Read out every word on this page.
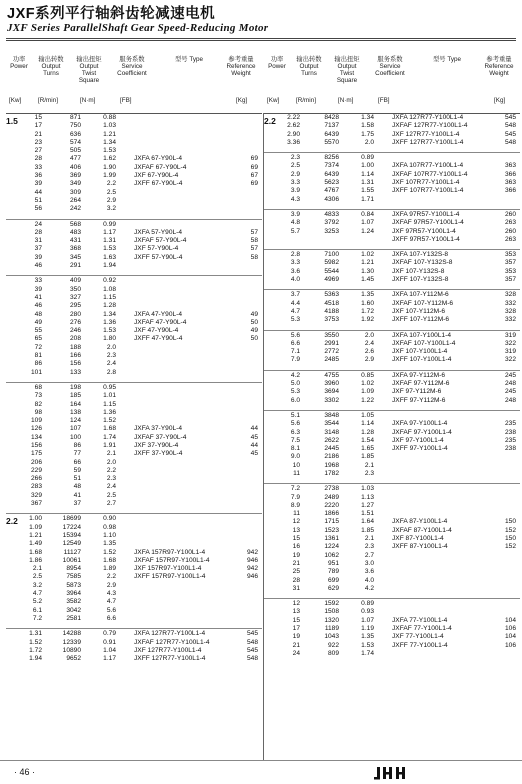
JXF系列平行轴斜齿轮减速电机
JXF Series ParallelShaft Gear Speed-Reducing Motor
功率 Power
输出转数 Output Turns
输出扭矩 Output Twist Square
服务系数 Service Coefficient
型号 Type	参考重量 Reference Weight
[Kw]	[R/min]	[N·m]	[FB]	[Kg]
功率 Power
输出转数 Output Turns
输出扭矩 Output Twist Square
服务系数 Service Coefficient
型号 Type	参考重量 Reference Weight
[Kw]	[R/min]	[N·m]	[FB]	[Kg]
1.5	15	871	0.88
17	750	1.03
21	636	1.21
23	574	1.34
27	505	1.53
28	477	1.62	JXFA 67-Y90L-4	69
33	406	1.90	JXFAF 67-Y90L-4	69
36	369	1.99	JXF 67-Y90L-4	67
39	349	2.2	JXFF 67-Y90L-4	69
44	309	2.5
51	264	2.9
56	242	3.2
24	568	0.99
28	483	1.17	JXFA 57-Y90L-4	57
31	431	1.31	JXFAF 57-Y90L-4	58
37	368	1.53	JXF 57-Y90L-4	57
39	345	1.63	JXFF 57-Y90L-4	58
46	291	1.94
33	409	0.92
39	350	1.08
41	327	1.15
46	295	1.28
48	280	1.34	JXFA 47-Y90L-4	49
49	276	1.36	JXFAF 47-Y90L-4	50
55	246	1.53	JXF 47-Y90L-4	49
65	208	1.80	JXFF 47-Y90L-4	50
72	188	2.0
81	166	2.3
86	156	2.4
101	133	2.8
68	198	0.95
73	185	1.01
82	164	1.15
98	138	1.36
109	124	1.52
126	107	1.68	JXFA 37-Y90L-4	44
134	100	1.74	JXFAF 37-Y90L-4	45
156	86	1.91	JXF 37-Y90L-4	44
175	77	2.1	JXFF 37-Y90L-4	45
206	66	2.0
229	59	2.2
266	51	2.3
283	48	2.4
329	41	2.5
367	37	2.7
2.2	1.00	18699	0.90
1.09	17224	0.98
1.21	15394	1.10
1.49	12549	1.35
1.68	11127	1.52	JXFA 157R97-Y100L1-4	942
1.86	10061	1.68	JXFAF 157R97-Y100L1-4	946
2.1	8954	1.89	JXF 157R97-Y100L1-4	942
2.5	7585	2.2	JXFF 157R97-Y100L1-4	946
3.2	5873	2.9
4.7	3964	4.3
5.2	3582	4.7
6.1	3042	5.6
7.2	2581	6.6
1.31	14288	0.79	JXFA 127R77-Y100L1-4	545
1.52	12339	0.91	JXFAF 127R77-Y100L1-4	548
1.72	10890	1.04	JXF 127R77-Y100L1-4	545
1.94	9652	1.17	JXFF 127R77-Y100L1-4	548
2.2	2.22	8428	1.34	JXFA 127R77-Y100L1-4	545
2.62	7137	1.58	JXFAF 127R77-Y100L1-4	548
2.90	6439	1.75	JXF 127R77-Y100L1-4	545
3.36	5570	2.0	JXFF 127R77-Y100L1-4	548
2.3	8256	0.89
2.5	7374	1.00	JXFA 107R77-Y100L1-4	363
2.9	6439	1.14	JXFAF 107R77-Y100L1-4	366
3.3	5623	1.31	JXF 107R77-Y100L1-4	363
3.9	4767	1.55	JXFF 107R77-Y100L1-4	366
4.3	4306	1.71
3.9	4833	0.84	JXFA 97R57-Y100L1-4	260
4.8	3792	1.07	JXFAF 97R57-Y100L1-4	263
5.7	3253	1.24	JXF 97R57-Y100L1-4	260
JXFF 97R57-Y100L1-4	263
2.8	7100	1.02	JXFA 107-Y132S-8	353
3.3	5982	1.21	JXFAF 107-Y132S-8	357
3.6	5544	1.30	JXF 107-Y132S-8	353
4.0	4969	1.45	JXFF 107-Y132S-8	357
3.7	5363	1.35	JXFA 107-Y112M-6	328
4.4	4518	1.60	JXFAF 107-Y112M-6	332
4.7	4188	1.72	JXF 107-Y112M-6	328
5.3	3753	1.92	JXFF 107-Y112M-6	332
5.6	3550	2.0	JXFA 107-Y100L1-4	319
6.6	2991	2.4	JXFAF 107-Y100L1-4	322
7.1	2772	2.6	JXF 107-Y100L1-4	319
7.9	2485	2.9	JXFF 107-Y100L1-4	322
4.2	4755	0.85	JXFA 97-Y112M-6	245
5.0	3960	1.02	JXFAF 97-Y112M-6	248
5.3	3694	1.09	JXF 97-Y112M-6	245
6.0	3302	1.22	JXFF 97-Y112M-6	248
5.1	3848	1.05
5.6	3544	1.14	JXFA 97-Y100L1-4	235
6.3	3148	1.28	JXFAF 97-Y100L1-4	238
7.5	2622	1.54	JXF 97-Y100L1-4	235
8.1	2445	1.65	JXFF 97-Y100L1-4	238
9.0	2186	1.85
10	1968	2.1
11	1782	2.3
7.2	2738	1.03
7.9	2489	1.13
8.9	2220	1.27
11	1866	1.51
12	1715	1.64	JXFA 87-Y100L1-4	150
13	1523	1.85	JXFAF 87-Y100L1-4	152
15	1361	2.1	JXF 87-Y100L1-4	150
16	1224	2.3	JXFF 87-Y100L1-4	152
19	1062	2.7
21	951	3.0
25	789	3.6
28	699	4.0
31	629	4.2
12	1592	0.89
13	1508	0.93
15	1320	1.07	JXFA 77-Y100L1-4	104
17	1189	1.19	JXFAF 77-Y100L1-4	106
19	1043	1.35	JXF 77-Y100L1-4	104
21	922	1.53	JXFF 77-Y100L1-4	106
24	809	1.74
· 46 ·
